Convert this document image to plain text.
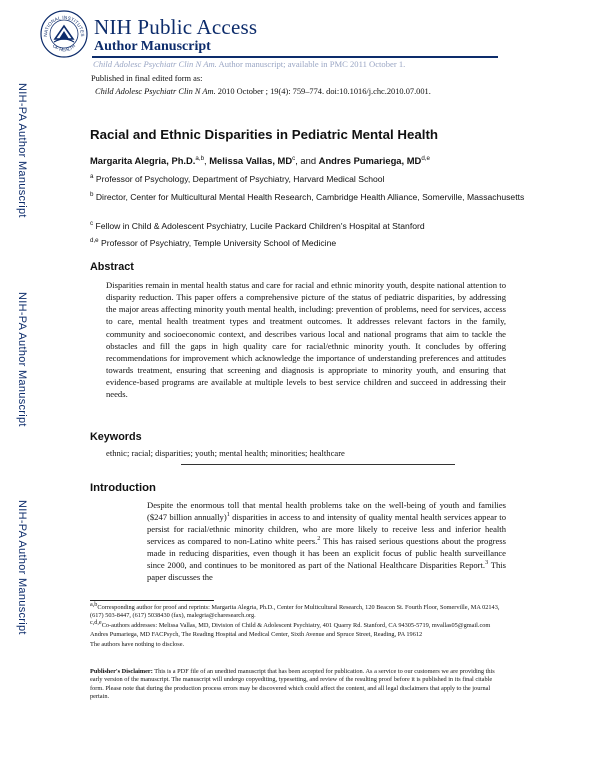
NATIONAL INSTITUTES
OF HEALTH
NIH Public Access
Author Manuscript
Child Adolesc Psychiatr Clin N Am. Author manuscript; available in PMC 2011 October 1.
Published in final edited form as:
Child Adolesc Psychiatr Clin N Am. 2010 October ; 19(4): 759–774. doi:10.1016/j.chc.2010.07.001.
NIH-PA Author Manuscript
NIH-PA Author Manuscript
NIH-PA Author Manuscript
Racial and Ethnic Disparities in Pediatric Mental Health
Margarita Alegria, Ph.D.$^{a,b}$, Melissa Vallas, $MD^c$, and Andres Pumariega, MD$^{d,e}$
$^a$ Professor of Psychology, Department of Psychiatry, Harvard Medical School
$^b$ Director, Center for Multicultural Mental Health Research, Cambridge Health Alliance, Somerville, Massachusetts
$^c$ Fellow in Child & Adolescent Psychiatry, Lucile Packard Children's Hospital at Stanford
$^{d,e}$ Professor of Psychiatry, Temple University School of Medicine
Abstract
Disparities remain in mental health status and care for racial and ethnic minority youth, despite national attention to disparity reduction. This paper offers a comprehensive picture of the status of pediatric disparities, by addressing the major areas affecting minority youth mental health, including: prevention of problems, need for services, access to care, mental health treatment types and treatment outcomes. It addresses relevant factors in the family, community and socioeconomic context, and describes various local and national programs that aim to tackle the obstacles and fill the gaps in high quality care for racial/ethnic minority youth. It concludes by offering recommendations for improvement which acknowledge the importance of understanding preferences and attitudes towards treatment, ensuring that screening and diagnosis is appropriate to minority youth, and ensuring that evidence-based programs are available at multiple levels to best service children and succeed in addressing their needs.
Keywords
ethnic; racial; disparities; youth; mental health; minorities; healthcare
Introduction
Despite the enormous toll that mental health problems take on the well-being of youth and families ($247 billion annually)$^1$ disparities in access to and intensity of quality mental health services appear to persist for racial/ethnic minority children, who are more likely to receive less and inferior health services as compared to non-Latino white peers.$^2$ This has raised serious questions about the progress made in reducing disparities, even though it has been an explicit focus of public health surveillance since 2000, and continues to be monitored as part of the National Healthcare Disparities Report.$^3$ This paper discusses the

$^{a,b}$Corresponding author for proof and reprints: Margarita Alegria, Ph.D., Center for Multicultural Research, 120 Beacon St. Fourth Floor, Somerville, MA 02143, (617) 503-8447, (617) 5038430 (fax), malegria@charesearch.org.

$^{c,d,e}$Co-authors addresses: Melissa Vallas, MD, Division of Child & Adolescent Psychiatry, 401 Quarry Rd. Stanford, CA 94305-5719, mvallas05@gmail.com

Andres Pumariega, MD FACPsych, The Reading Hospital and Medical Center, Sixth Avenue and Spruce Street, Reading, PA 19612

The authors have nothing to disclose.

Publisher's Disclaimer: This is a PDF file of an unedited manuscript that has been accepted for publication. As a service to our customers we are providing this early version of the manuscript. The manuscript will undergo copyediting, typesetting, and review of the resulting proof before it is published in its final citable form. Please note that during the production process errors may be discovered which could affect the content, and all legal disclaimers that apply to the journal pertain.
